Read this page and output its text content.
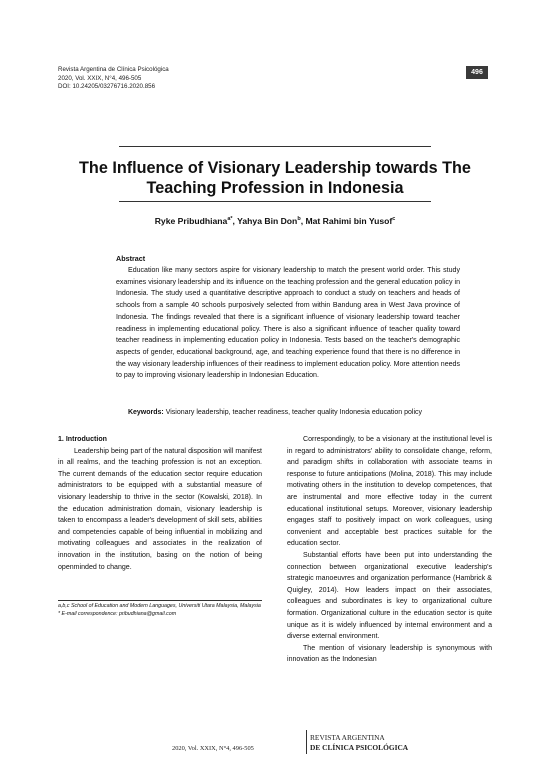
Revista Argentina de Clínica Psicológica
2020, Vol. XXIX, N°4, 496-505
DOI: 10.24205/03276716.2020.856
496
The Influence of Visionary Leadership towards The
Teaching Profession in Indonesia
Ryke Pribudhiana$^{a*}$, Yahya Bin Don$^b$, Mat Rahimi bin Yusof$^c$
Abstract
Education like many sectors aspire for visionary leadership to match the present world order. This study examines visionary leadership and its influence on the teaching profession and the general education policy in Indonesia. The study used a quantitative descriptive approach to conduct a study on teachers and heads of schools from a sample 40 schools purposively selected from within Bandung area in West Java province of Indonesia. The findings revealed that there is a significant influence of visionary leadership toward teacher readiness in implementing educational policy. There is also a significant influence of teacher quality toward teacher readiness in implementing education policy in Indonesia. Tests based on the teacher's demographic aspects of gender, educational background, age, and teaching experience found that there is no difference in the way visionary leadership influences of their readiness to implement education policy. More attention needs to pay to improving visionary leadership in Indonesian Education.
Keywords: Visionary leadership, teacher readiness, teacher quality Indonesia education policy
1. Introduction
Leadership being part of the natural disposition will manifest in all realms, and the teaching profession is not an exception. The current demands of the education sector require education administrators to be equipped with a substantial measure of visionary leadership to thrive in the sector (Kowalski, 2018). In the education administration domain, visionary leadership is taken to encompass a leader's development of skill sets, abilities and competencies capable of being influential in mobilizing and motivating colleagues and associates in the realization of innovation in the institution, basing on the notion of being openminded to change.
a,b,c School of Education and Modern Languages, Universiti Utara Malaysia, Malaysia
* E-mail correspondence: pribudhiana@gmail.com
Correspondingly, to be a visionary at the institutional level is in regard to administrators' ability to consolidate change, reform, and paradigm shifts in collaboration with associate teams in response to future anticipations (Molina, 2018). This may include motivating others in the institution to develop competences, that are instrumental and more effective today in the current educational institutional setups. Moreover, visionary leadership engages staff to positively impact on work colleagues, using convenient and acceptable best practices suitable for the education sector.
Substantial efforts have been put into understanding the connection between organizational executive leadership's strategic manoeuvres and organization performance (Hambrick & Quigley, 2014). How leaders impact on their associates, colleagues and subordinates is key to organizational culture formation. Organizational culture in the education sector is quite unique as it is widely influenced by internal environment and a diverse external environment.
The mention of visionary leadership is synonymous with innovation as the Indonesian
2020, Vol. XXIX, N°4, 496-505
REVISTA ARGENTINA
DE CLÍNICA PSICOLÓGICA
